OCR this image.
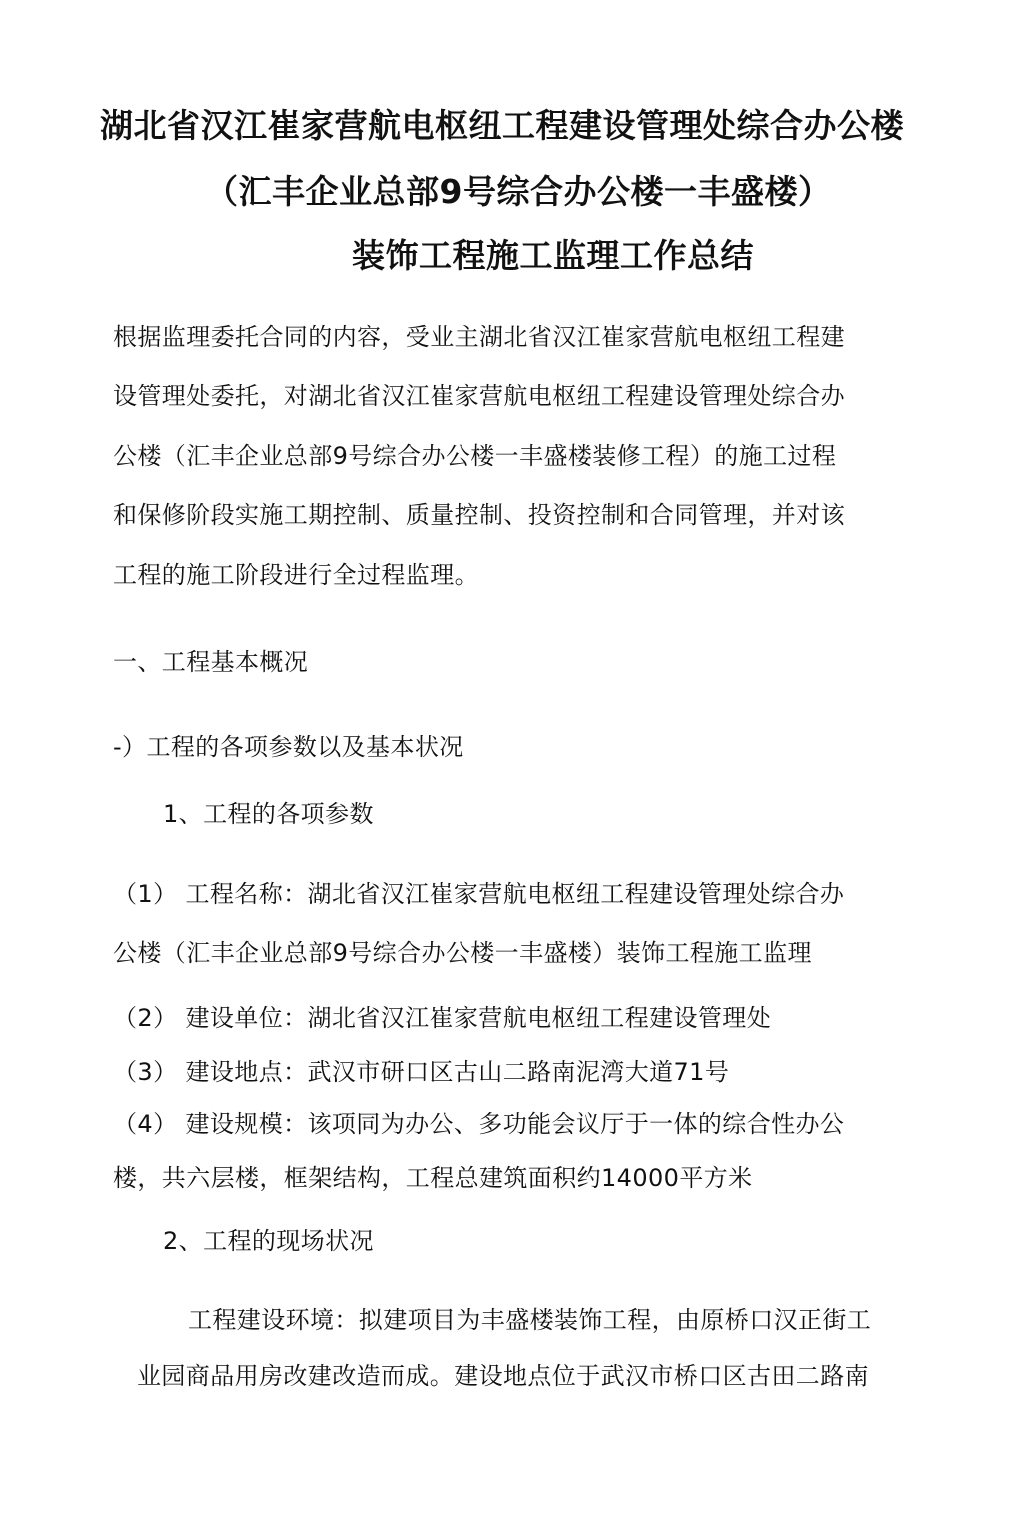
湖北省汉江崔家营航电枢纽工程建设管理处综合办公楼
（汇丰企业总部9号综合办公楼一丰盛楼）
装饰工程施工监理工作总结
根据监理委托合同的内容，受业主湖北省汉江崔家营航电枢纽工程建
设管理处委托，对湖北省汉江崔家营航电枢纽工程建设管理处综合办
公楼（汇丰企业总部9号综合办公楼一丰盛楼装修工程）的施工过程
和保修阶段实施工期控制、质量控制、投资控制和合同管理，并对该
工程的施工阶段进行全过程监理。
一、工程基本概况
-）工程的各项参数以及基本状况
1、工程的各项参数
（1） 工程名称：湖北省汉江崔家营航电枢纽工程建设管理处综合办
公楼（汇丰企业总部9号综合办公楼一丰盛楼）装饰工程施工监理
（2） 建设单位：湖北省汉江崔家营航电枢纽工程建设管理处
（3） 建设地点：武汉市研口区古山二路南泥湾大道71号
（4） 建设规模：该项同为办公、多功能会议厅于一体的综合性办公
楼，共六层楼，框架结构，工程总建筑面积约14000平方米
2、工程的现场状况
工程建设环境：拟建项目为丰盛楼装饰工程，由原桥口汉正街工
业园商品用房改建改造而成。建设地点位于武汉市桥口区古田二路南
